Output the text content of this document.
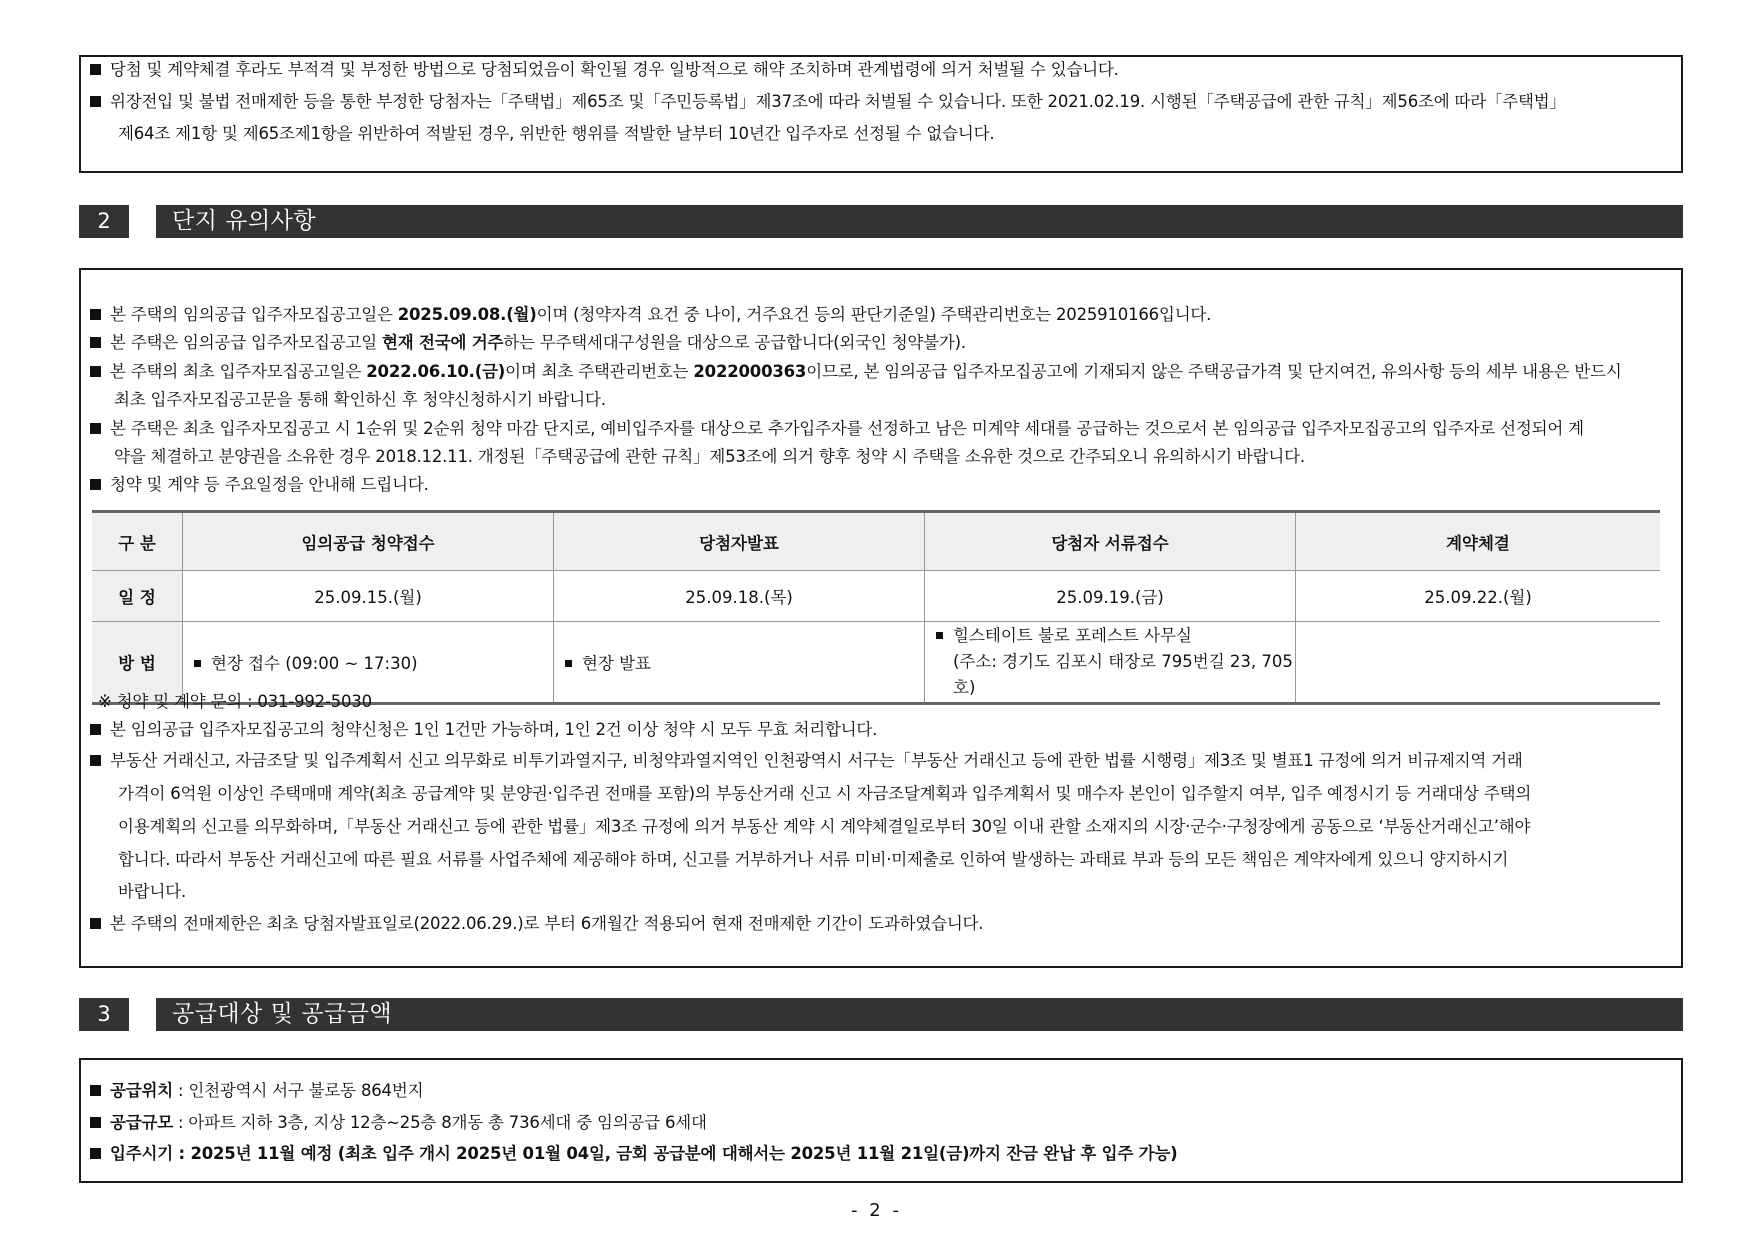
당첨 및 계약체결 후라도 부적격 및 부정한 방법으로 당첨되었음이 확인될 경우 일방적으로 해약 조치하며 관계법령에 의거 처벌될 수 있습니다.
위장전입 및 불법 전매제한 등을 통한 부정한 당첨자는「주택법」제65조 및「주민등록법」제37조에 따라 처벌될 수 있습니다. 또한 2021.02.19. 시행된「주택공급에 관한 규칙」제56조에 따라「주택법」
제64조 제1항 및 제65조제1항을 위반하여 적발된 경우, 위반한 행위를 적발한 날부터 10년간 입주자로 선정될 수 없습니다.
2	단지 유의사항
본 주택의 임의공급 입주자모집공고일은 2025.09.08.(월)이며 (청약자격 요건 중 나이, 거주요건 등의 판단기준일) 주택관리번호는 2025910166입니다.
본 주택은 임의공급 입주자모집공고일 현재 전국에 거주하는 무주택세대구성원을 대상으로 공급합니다(외국인 청약불가).
본 주택의 최초 입주자모집공고일은 2022.06.10.(금)이며 최초 주택관리번호는 2022000363이므로, 본 임의공급 입주자모집공고에 기재되지 않은 주택공급가격 및 단지여건, 유의사항 등의 세부 내용은 반드시
최초 입주자모집공고문을 통해 확인하신 후 청약신청하시기 바랍니다.
본 주택은 최초 입주자모집공고 시 1순위 및 2순위 청약 마감 단지로, 예비입주자를 대상으로 추가입주자를 선정하고 남은 미계약 세대를 공급하는 것으로서 본 임의공급 입주자모집공고의 입주자로 선정되어 계
약을 체결하고 분양권을 소유한 경우 2018.12.11. 개정된「주택공급에 관한 규칙」제53조에 의거 향후 청약 시 주택을 소유한 것으로 간주되오니 유의하시기 바랍니다.
청약 및 계약 등 주요일정을 안내해 드립니다.
구 분	임의공급 청약접수	당첨자발표	당첨자 서류접수	계약체결
일 정	25.09.15.(월)	25.09.18.(목)	25.09.19.(금)	25.09.22.(월)
방 법	현장 접수 (09:00 ~ 17:30)	현장 발표	힐스테이트 불로 포레스트 사무실
(주소: 경기도 김포시 태장로 795번길 23, 705호)	

※ 청약 및 계약 문의 : 031-992-5030
본 임의공급 입주자모집공고의 청약신청은 1인 1건만 가능하며, 1인 2건 이상 청약 시 모두 무효 처리합니다.
부동산 거래신고, 자금조달 및 입주계획서 신고 의무화로 비투기과열지구, 비청약과열지역인 인천광역시 서구는「부동산 거래신고 등에 관한 법률 시행령」제3조 및 별표1 규정에 의거 비규제지역 거래
가격이 6억원 이상인 주택매매 계약(최초 공급계약 및 분양권·입주권 전매를 포함)의 부동산거래 신고 시 자금조달계획과 입주계획서 및 매수자 본인이 입주할지 여부, 입주 예정시기 등 거래대상 주택의
이용계획의 신고를 의무화하며,「부동산 거래신고 등에 관한 법률」제3조 규정에 의거 부동산 계약 시 계약체결일로부터 30일 이내 관할 소재지의 시장·군수·구청장에게 공동으로 ‘부동산거래신고’해야
합니다. 따라서 부동산 거래신고에 따른 필요 서류를 사업주체에 제공해야 하며, 신고를 거부하거나 서류 미비·미제출로 인하여 발생하는 과태료 부과 등의 모든 책임은 계약자에게 있으니 양지하시기
바랍니다.
본 주택의 전매제한은 최초 당첨자발표일로(2022.06.29.)로 부터 6개월간 적용되어 현재 전매제한 기간이 도과하였습니다.
3	공급대상 및 공급금액
공급위치 : 인천광역시 서구 불로동 864번지
공급규모 : 아파트 지하 3층, 지상 12층~25층 8개동 총 736세대 중 임의공급 6세대
입주시기 : 2025년 11월 예정 (최초 입주 개시 2025년 01월 04일, 금회 공급분에 대해서는 2025년 11월 21일(금)까지 잔금 완납 후 입주 가능)
- 2 -
